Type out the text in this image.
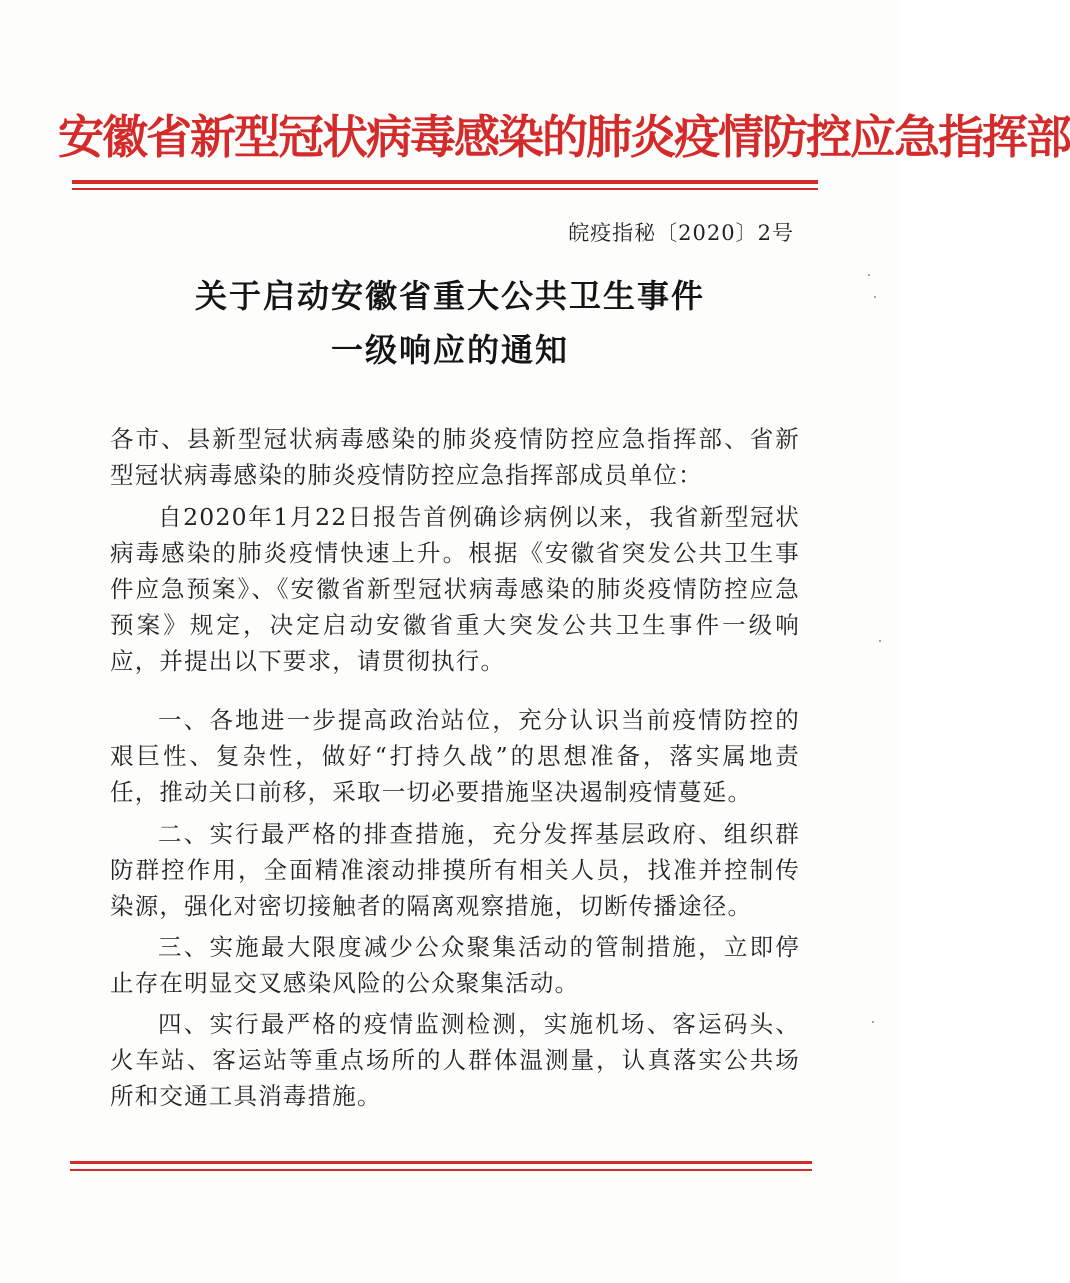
安徽省新型冠状病毒感染的肺炎疫情防控应急指挥部
皖疫指秘〔2020〕2号
关于启动安徽省重大公共卫生事件
一级响应的通知
各市、县新型冠状病毒感染的肺炎疫情防控应急指挥部、省新型冠状病毒感染的肺炎疫情防控应急指挥部成员单位：
自2020年1月22日报告首例确诊病例以来，我省新型冠状病毒感染的肺炎疫情快速上升。根据《安徽省突发公共卫生事件应急预案》、《安徽省新型冠状病毒感染的肺炎疫情防控应急预案》规定，决定启动安徽省重大突发公共卫生事件一级响应，并提出以下要求，请贯彻执行。
一、各地进一步提高政治站位，充分认识当前疫情防控的艰巨性、复杂性，做好“打持久战”的思想准备，落实属地责任，推动关口前移，采取一切必要措施坚决遏制疫情蔓延。
二、实行最严格的排查措施，充分发挥基层政府、组织群防群控作用，全面精准滚动排摸所有相关人员，找准并控制传染源，强化对密切接触者的隔离观察措施，切断传播途径。
三、实施最大限度减少公众聚集活动的管制措施，立即停止存在明显交叉感染风险的公众聚集活动。
四、实行最严格的疫情监测检测，实施机场、客运码头、火车站、客运站等重点场所的人群体温测量，认真落实公共场所和交通工具消毒措施。
